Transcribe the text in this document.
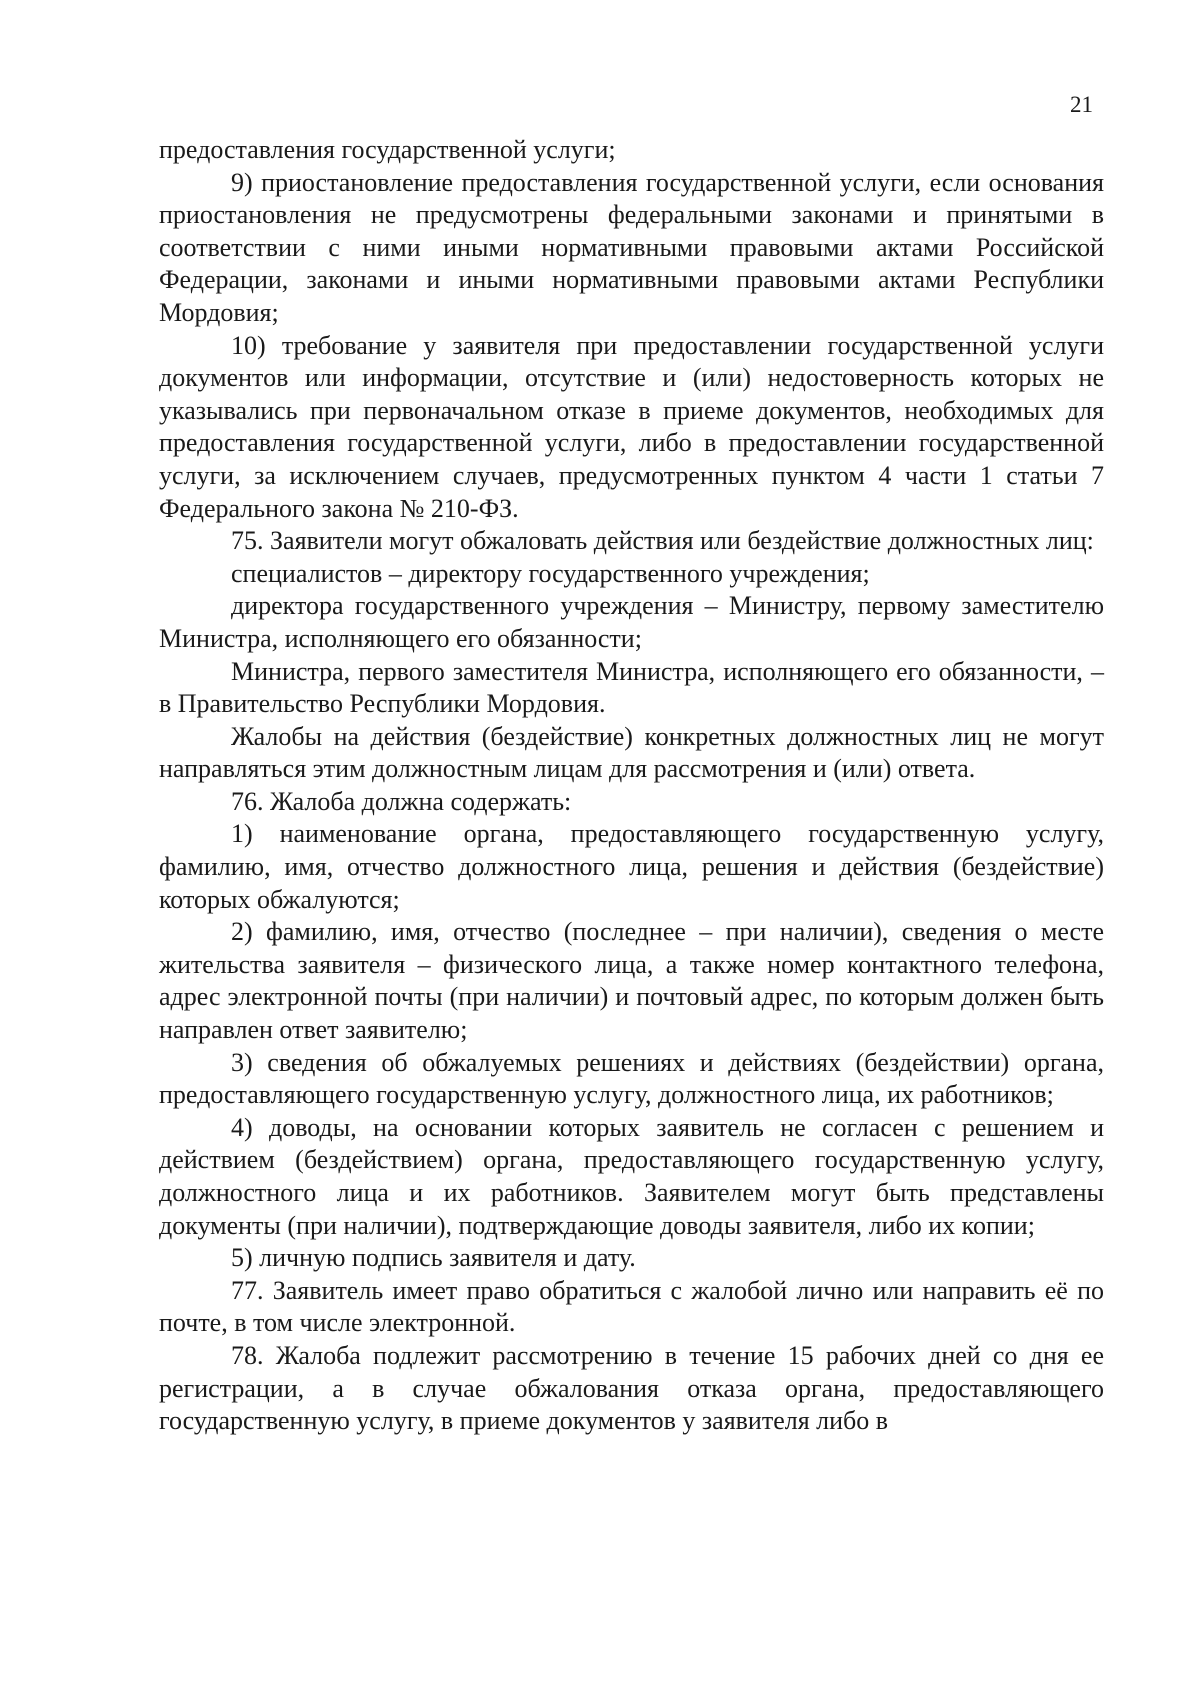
21

предоставления государственной услуги;

9) приостановление предоставления государственной услуги, если основания приостановления не предусмотрены федеральными законами и принятыми в соответствии с ними иными нормативными правовыми актами Российской Федерации, законами и иными нормативными правовыми актами Республики Мордовия;

10) требование у заявителя при предоставлении государственной услуги документов или информации, отсутствие и (или) недостоверность которых не указывались при первоначальном отказе в приеме документов, необходимых для предоставления государственной услуги, либо в предоставлении государственной услуги, за исключением случаев, предусмотренных пунктом 4 части 1 статьи 7 Федерального закона № 210-ФЗ.

75. Заявители могут обжаловать действия или бездействие должностных лиц:

специалистов – директору государственного учреждения;

директора государственного учреждения – Министру, первому заместителю Министра, исполняющего его обязанности;

Министра, первого заместителя Министра, исполняющего его обязанности, – в Правительство Республики Мордовия.

Жалобы на действия (бездействие) конкретных должностных лиц не могут направляться этим должностным лицам для рассмотрения и (или) ответа.

76. Жалоба должна содержать:

1) наименование органа, предоставляющего государственную услугу, фамилию, имя, отчество должностного лица, решения и действия (бездействие) которых обжалуются;

2) фамилию, имя, отчество (последнее – при наличии), сведения о месте жительства заявителя – физического лица, а также номер контактного телефона, адрес электронной почты (при наличии) и почтовый адрес, по которым должен быть направлен ответ заявителю;

3) сведения об обжалуемых решениях и действиях (бездействии) органа, предоставляющего государственную услугу, должностного лица, их работников;

4) доводы, на основании которых заявитель не согласен с решением и действием (бездействием) органа, предоставляющего государственную услугу, должностного лица и их работников. Заявителем могут быть представлены документы (при наличии), подтверждающие доводы заявителя, либо их копии;

5) личную подпись заявителя и дату.

77. Заявитель имеет право обратиться с жалобой лично или направить её по почте, в том числе электронной.

78. Жалоба подлежит рассмотрению в течение 15 рабочих дней со дня ее регистрации, а в случае обжалования отказа органа, предоставляющего государственную услугу, в приеме документов у заявителя либо в
